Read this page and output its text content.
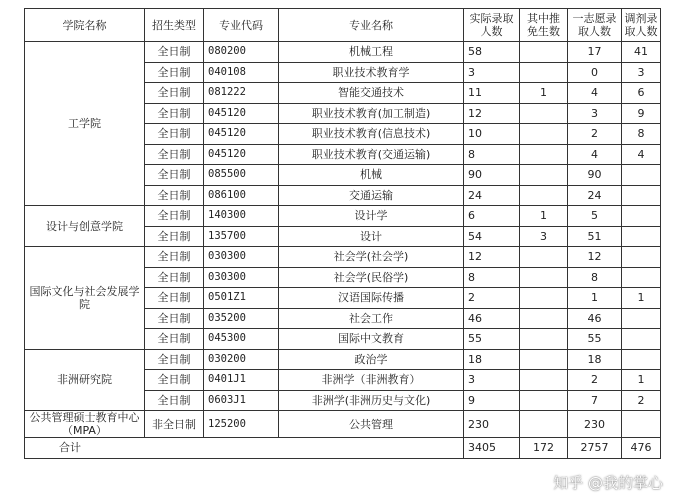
学院名称	招生类型	专业代码	专业名称	实际录取人数	其中推免生数	一志愿录取人数	调剂录取人数
工学院	全日制	080200	机械工程	58		17	41
	全日制	040108	职业技术教育学	3		0	3
	全日制	081222	智能交通技术	11	1	4	6
	全日制	045120	职业技术教育(加工制造)	12		3	9
	全日制	045120	职业技术教育(信息技术)	10		2	8
	全日制	045120	职业技术教育(交通运输)	8		4	4
	全日制	085500	机械	90		90	
	全日制	086100	交通运输	24		24	
设计与创意学院	全日制	140300	设计学	6	1	5	
	全日制	135700	设计	54	3	51	
国际文化与社会发展学院	全日制	030300	社会学(社会学)	12		12	
	全日制	030300	社会学(民俗学)	8		8	
	全日制	0501Z1	汉语国际传播	2		1	1
	全日制	035200	社会工作	46		46	
	全日制	045300	国际中文教育	55		55	
非洲研究院	全日制	030200	政治学	18		18	
	全日制	0401J1	非洲学（非洲教育）	3		2	1
	全日制	0603J1	非洲学(非洲历史与文化)	9		7	2
公共管理硕士教育中心（MPA）	非全日制	125200	公共管理	230		230	
合计				3405	172	2757	476
知乎 @我的掌心
